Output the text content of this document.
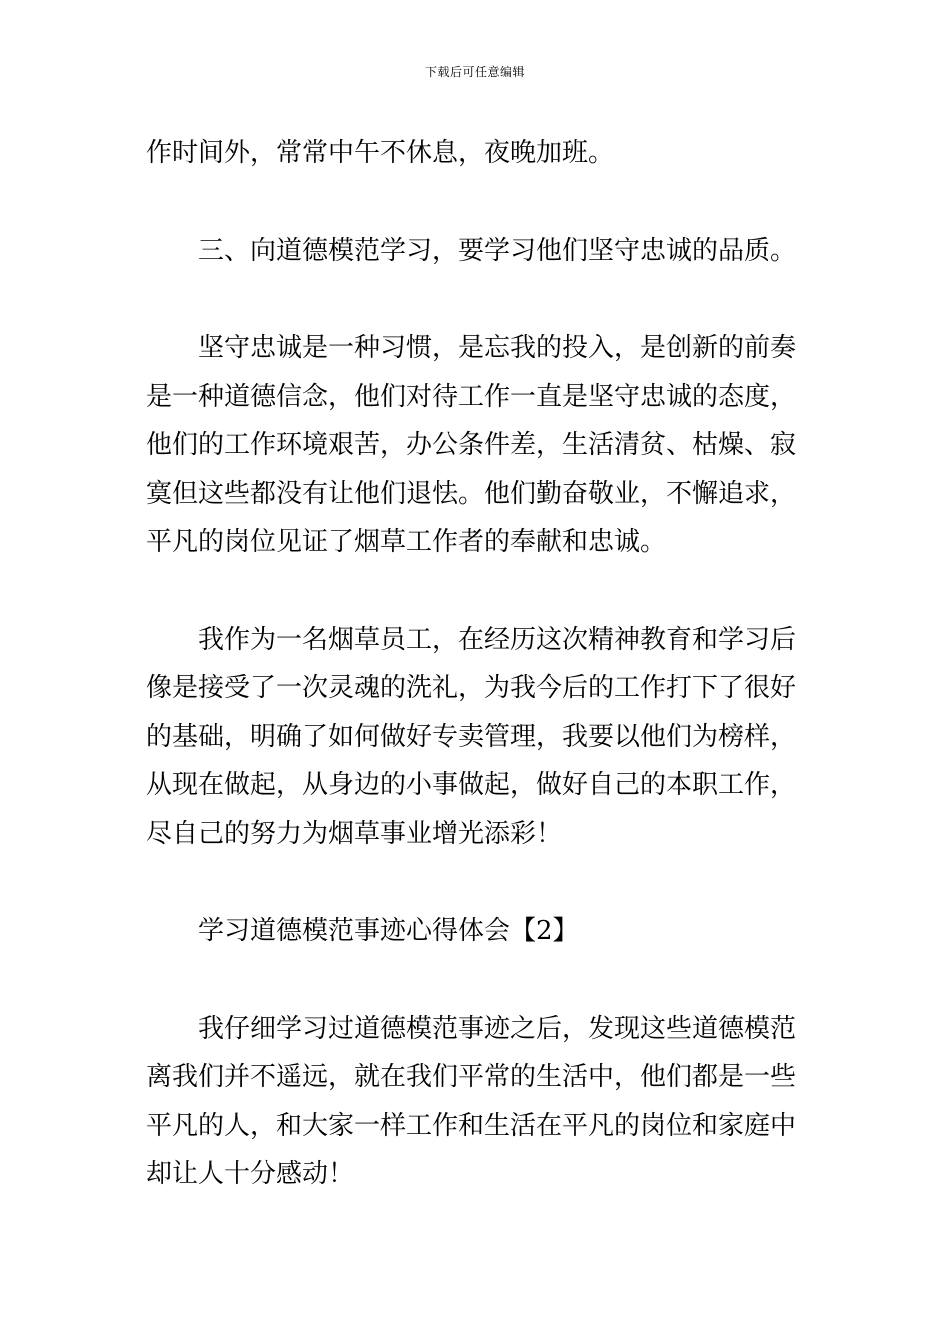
下载后可任意编辑

作时间外，常常中午不休息，夜晚加班。

三、向道德模范学习，要学习他们坚守忠诚的品质。

坚守忠诚是一种习惯，是忘我的投入，是创新的前奏
是一种道德信念，他们对待工作一直是坚守忠诚的态度，
他们的工作环境艰苦，办公条件差，生活清贫、枯燥、寂
寞但这些都没有让他们退怯。他们勤奋敬业，不懈追求，
平凡的岗位见证了烟草工作者的奉献和忠诚。

我作为一名烟草员工，在经历这次精神教育和学习后
像是接受了一次灵魂的洗礼，为我今后的工作打下了很好
的基础，明确了如何做好专卖管理，我要以他们为榜样，
从现在做起，从身边的小事做起，做好自己的本职工作，
尽自己的努力为烟草事业增光添彩！

学习道德模范事迹心得体会【2】

我仔细学习过道德模范事迹之后，发现这些道德模范
离我们并不遥远，就在我们平常的生活中，他们都是一些
平凡的人，和大家一样工作和生活在平凡的岗位和家庭中
却让人十分感动！
